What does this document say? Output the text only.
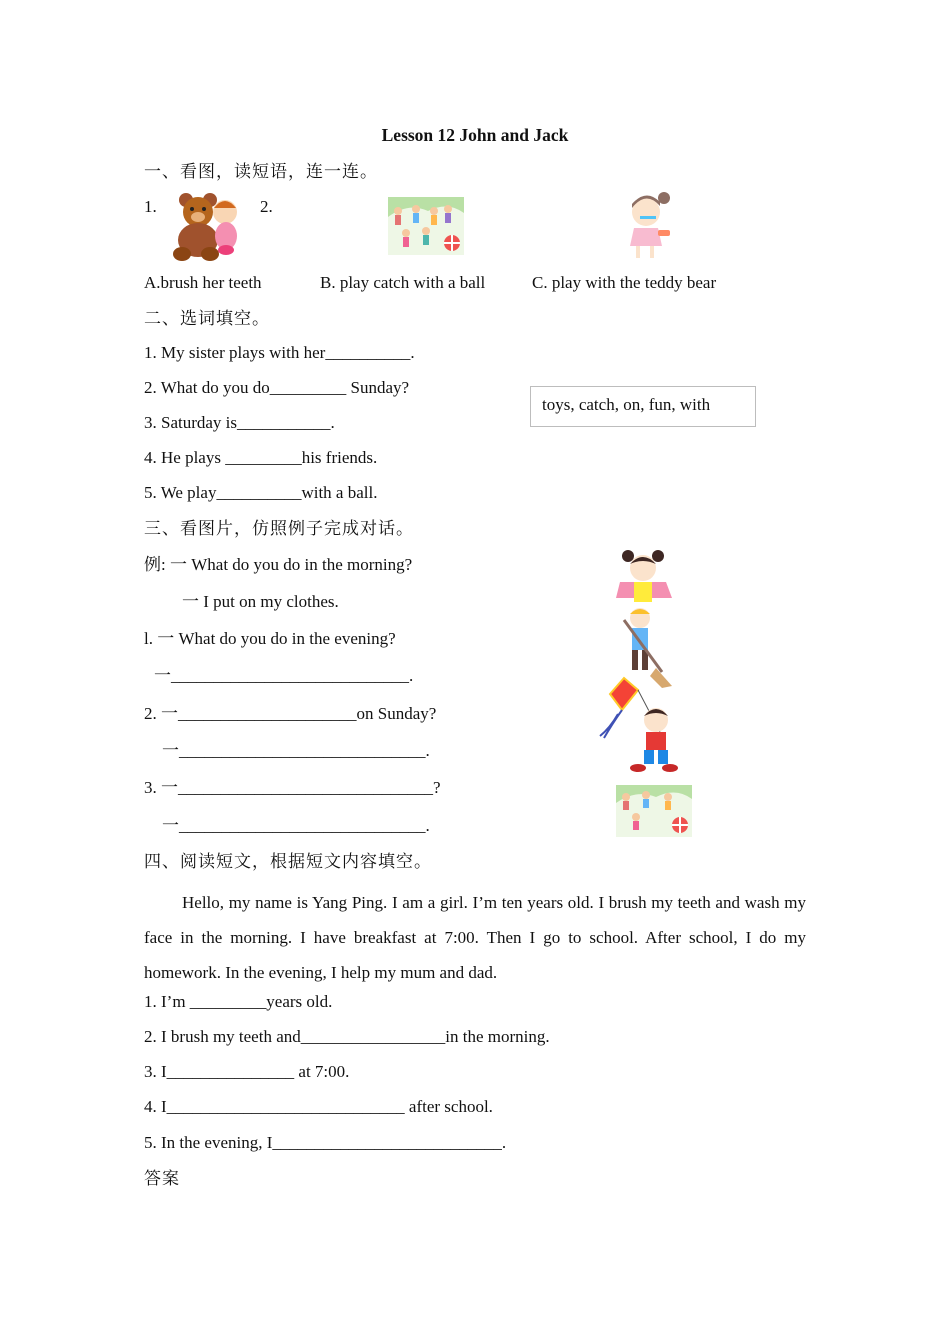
Lesson 12 John and Jack
一、看图，读短语，连一连。
1.	2.
A.brush her teeth	B. play catch with a ball	C. play with the teddy bear
二、选词填空。
1. My sister plays with her__________.
2. What do you do_________ Sunday?
3. Saturday is___________.
4. He plays _________his friends.
5. We play__________with a ball.
toys, catch, on, fun, with
三、看图片，仿照例子完成对话。
例: 一 What do you do in the morning?
一 I put on my clothes.
l. 一 What do you do in the evening?
一____________________________.
2. 一_____________________on Sunday?
一_____________________________.
3. 一______________________________?
一_____________________________.
四、阅读短文，根据短文内容填空。
Hello, my name is Yang Ping. I am a girl. I’m ten years old. I brush my teeth and wash my face in the morning. I have breakfast at 7:00. Then I go to school. After school, I do my homework. In the evening, I help my mum and dad.
1. I’m _________years old.
2. I brush my teeth and_________________in the morning.
3. I_______________ at 7:00.
4. I____________________________ after school.
5. In the evening, I___________________________.
答案
